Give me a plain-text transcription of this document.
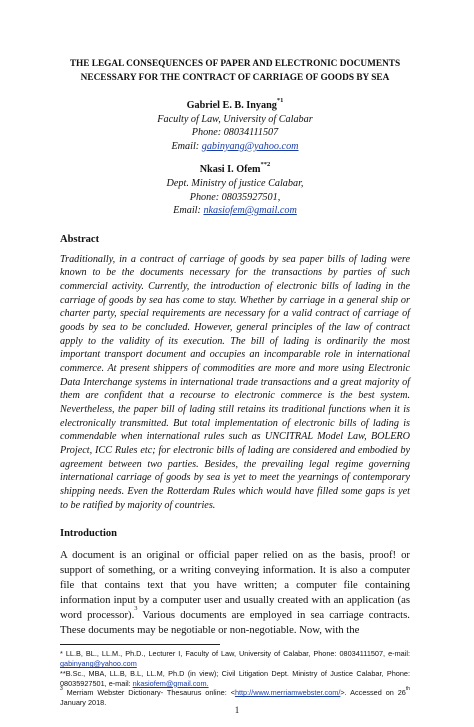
THE LEGAL CONSEQUENCES OF PAPER AND ELECTRONIC DOCUMENTS
NECESSARY FOR THE CONTRACT OF CARRIAGE OF GOODS BY SEA
Gabriel E. B. Inyang$^{*1}$
Faculty of Law, University of Calabar
Phone: 08034111507
Email: gabinyang@yahoo.com
Nkasi I. Ofem$^{**2}$
Dept. Ministry of justice Calabar,
Phone: 08035927501,
Email: nkasiofem@gmail.com
Abstract
Traditionally, in a contract of carriage of goods by sea paper bills of lading were known to be the documents necessary for the transactions by parties of such commercial activity. Currently, the introduction of electronic bills of lading in the carriage of goods by sea has come to stay. Whether by carriage in a general ship or charter party, special requirements are necessary for a valid contract of carriage of goods by sea to be concluded. However, general principles of the law of contract apply to the validity of its execution. The bill of lading is ordinarily the most important transport document and occupies an incomparable role in international commerce. At present shippers of commodities are more and more using Electronic Data Interchange systems in international trade transactions and a great majority of them are confident that a recourse to electronic commerce is the best system. Nevertheless, the paper bill of lading still retains its traditional functions when it is electronically transmitted. But total implementation of electronic bills of lading is commendable when international rules such as UNCITRAL Model Law, BOLERO Project, ICC Rules etc; for electronic bills of lading are considered and embodied by agreement between two parties. Besides, the prevailing legal regime governing international carriage of goods by sea is yet to meet the yearnings of contemporary shipping needs. Even the Rotterdam Rules which would have filled some gaps is yet to be ratified by majority of countries.
Introduction
A document is an original or official paper relied on as the basis, proof! or support of something, or a writing conveying information. It is also a computer file that contains text that you have written; a computer file containing information input by a computer user and usually created with an application (as word processor).$^3$ Various documents are employed in sea carriage contracts. These documents may be negotiable or non-negotiable. Now, with the
* LL.B, BL., LL.M., Ph.D., Lecturer I, Faculty of Law, University of Calabar, Phone: 08034111507, e-mail: gabinyang@yahoo.com
**B.Sc., MBA, LL.B, B.L, LL.M, Ph.D (in view); Civil Litigation Dept. Ministry of Justice Calabar, Phone: 08035927501, e-mail: nkasiofem@gmail.com.
$^3$ Merriam Webster Dictionary- Thesaurus online: <http://www.merriamwebster.com/>. Accessed on 26th January 2018.
1
